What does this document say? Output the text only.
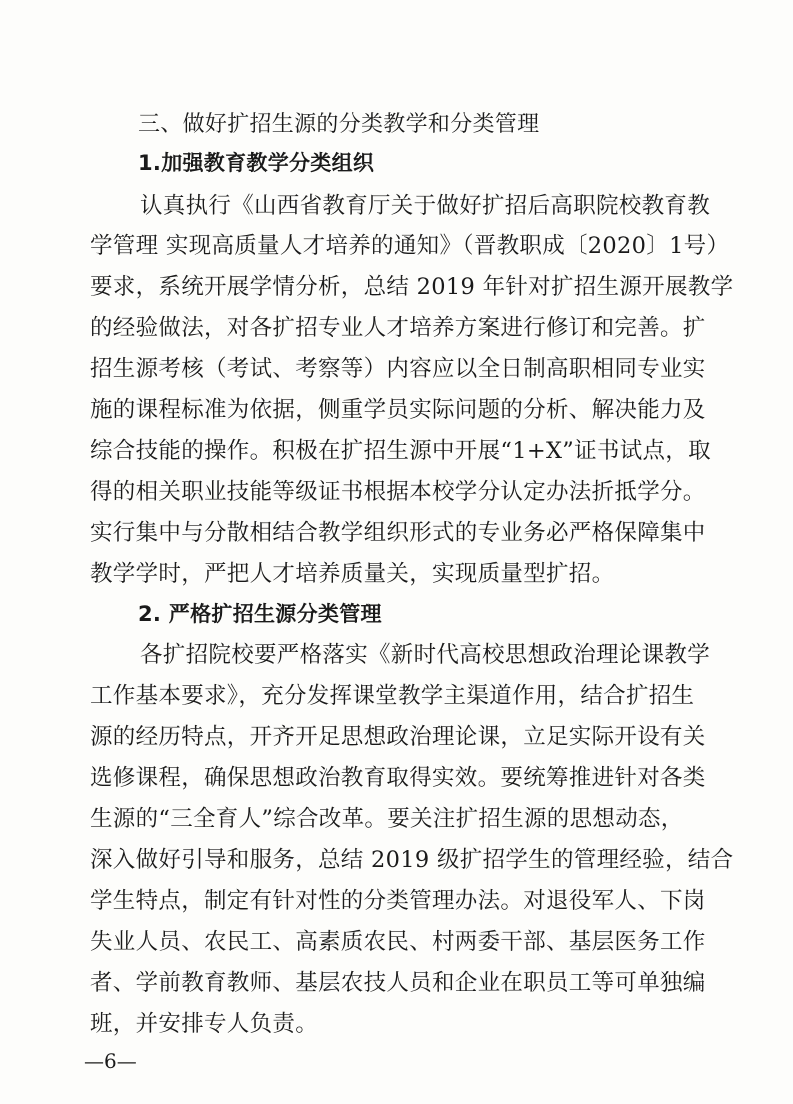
三、做好扩招生源的分类教学和分类管理
1.加强教育教学分类组织
认真执行《山西省教育厅关于做好扩招后高职院校教育教
学管理 实现高质量人才培养的通知》（晋教职成〔2020〕1号）
要求，系统开展学情分析，总结 2019 年针对扩招生源开展教学
的经验做法，对各扩招专业人才培养方案进行修订和完善。扩
招生源考核（考试、考察等）内容应以全日制高职相同专业实
施的课程标准为依据，侧重学员实际问题的分析、解决能力及
综合技能的操作。积极在扩招生源中开展“1+X”证书试点，取
得的相关职业技能等级证书根据本校学分认定办法折抵学分。
实行集中与分散相结合教学组织形式的专业务必严格保障集中
教学学时，严把人才培养质量关，实现质量型扩招。
2. 严格扩招生源分类管理
各扩招院校要严格落实《新时代高校思想政治理论课教学
工作基本要求》，充分发挥课堂教学主渠道作用，结合扩招生
源的经历特点，开齐开足思想政治理论课，立足实际开设有关
选修课程，确保思想政治教育取得实效。要统筹推进针对各类
生源的“三全育人”综合改革。要关注扩招生源的思想动态，
深入做好引导和服务，总结 2019 级扩招学生的管理经验，结合
学生特点，制定有针对性的分类管理办法。对退役军人、下岗
失业人员、农民工、高素质农民、村两委干部、基层医务工作
者、学前教育教师、基层农技人员和企业在职员工等可单独编
班，并安排专人负责。
—6—
